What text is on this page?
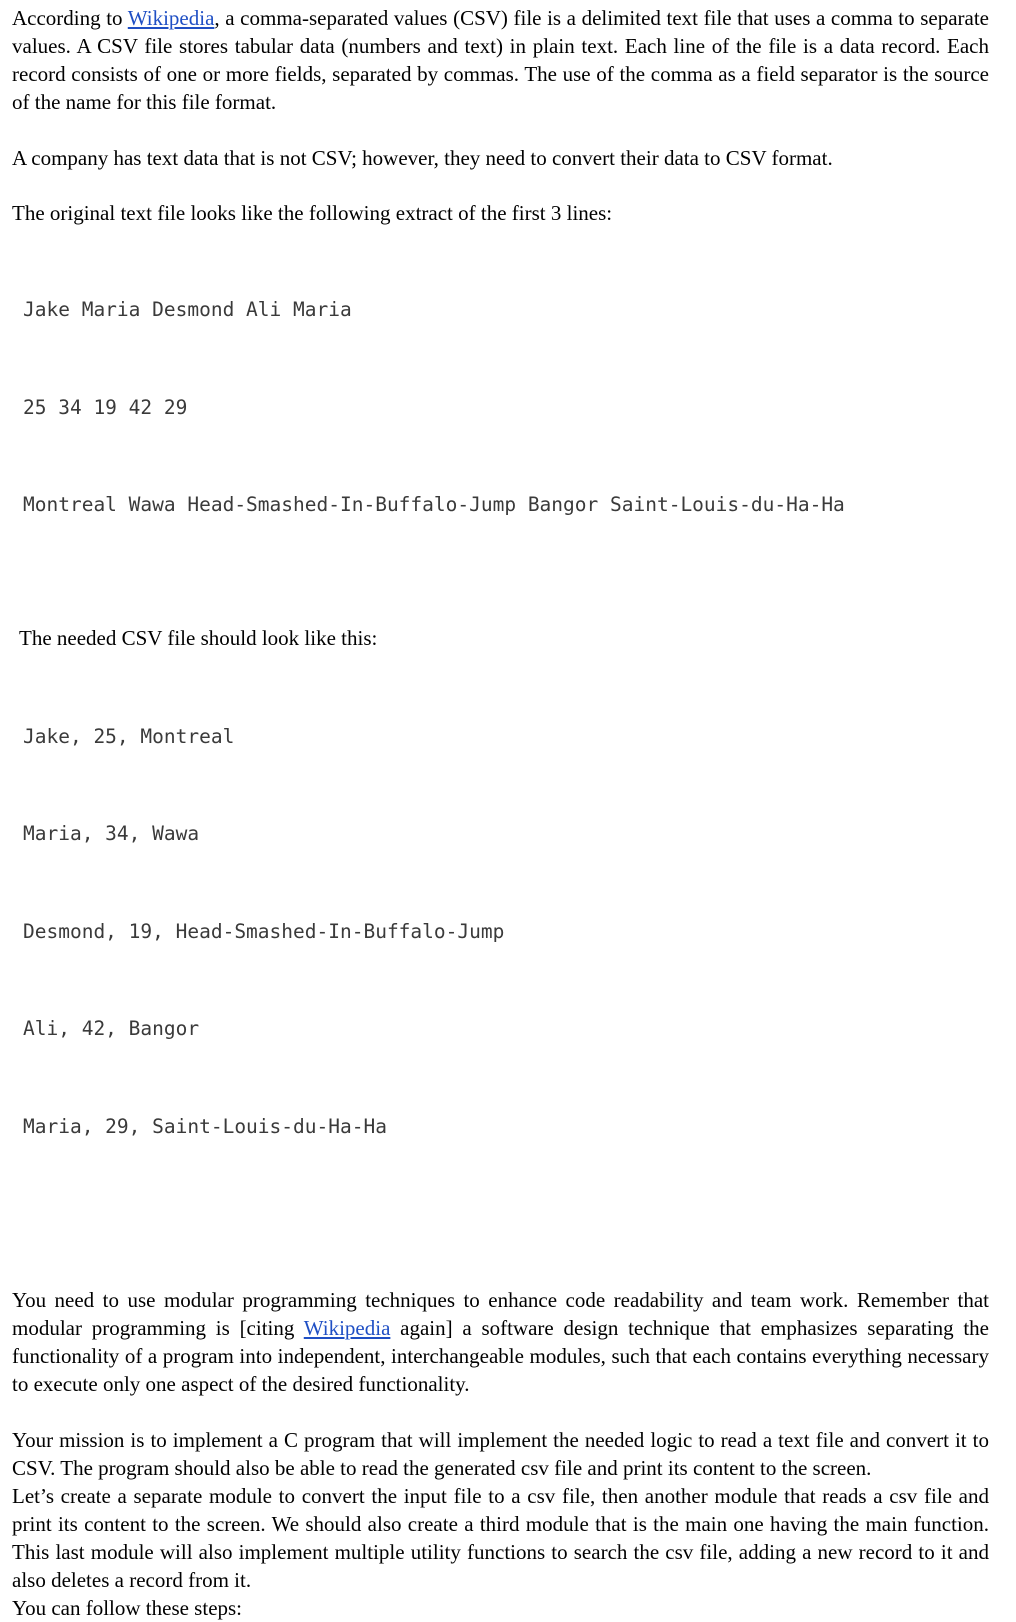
According to Wikipedia, a comma-separated values (CSV) file is a delimited text file that uses a comma to separate values. A CSV file stores tabular data (numbers and text) in plain text. Each line of the file is a data record. Each record consists of one or more fields, separated by commas. The use of the comma as a field separator is the source of the name for this file format.

A company has text data that is not CSV; however, they need to convert their data to CSV format.

The original text file looks like the following extract of the first 3 lines:

Jake Maria Desmond Ali Maria

25 34 19 42 29

Montreal Wawa Head-Smashed-In-Buffalo-Jump Bangor Saint-Louis-du-Ha-Ha

The needed CSV file should look like this:

Jake, 25, Montreal

Maria, 34, Wawa

Desmond, 19, Head-Smashed-In-Buffalo-Jump

Ali, 42, Bangor

Maria, 29, Saint-Louis-du-Ha-Ha

You need to use modular programming techniques to enhance code readability and team work. Remember that modular programming is [citing Wikipedia again] a software design technique that emphasizes separating the functionality of a program into independent, interchangeable modules, such that each contains everything necessary to execute only one aspect of the desired functionality.

Your mission is to implement a C program that will implement the needed logic to read a text file and convert it to CSV. The program should also be able to read the generated csv file and print its content to the screen.

Let’s create a separate module to convert the input file to a csv file, then another module that reads a csv file and print its content to the screen. We should also create a third module that is the main one having the main function. This last module will also implement multiple utility functions to search the csv file, adding a new record to it and also deletes a record from it.

You can follow these steps:
